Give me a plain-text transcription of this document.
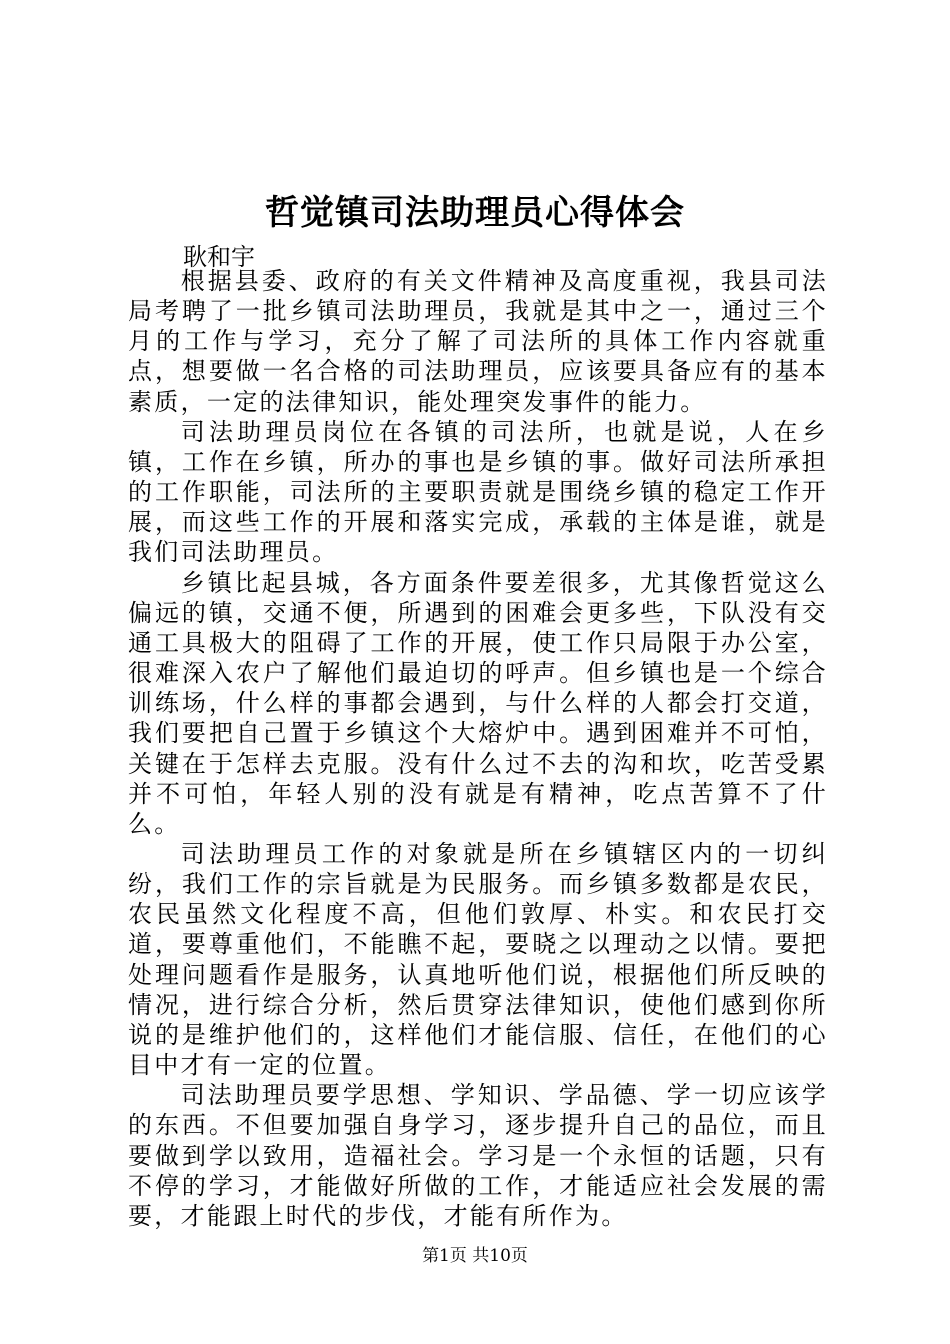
哲觉镇司法助理员心得体会
耿和宇

根据县委、政府的有关文件精神及高度重视，我县司法局考聘了一批乡镇司法助理员，我就是其中之一，通过三个月的工作与学习，充分了解了司法所的具体工作内容就重点，想要做一名合格的司法助理员，应该要具备应有的基本素质，一定的法律知识，能处理突发事件的能力。

司法助理员岗位在各镇的司法所，也就是说，人在乡镇，工作在乡镇，所办的事也是乡镇的事。做好司法所承担的工作职能，司法所的主要职责就是围绕乡镇的稳定工作开展，而这些工作的开展和落实完成，承载的主体是谁，就是我们司法助理员。

乡镇比起县城，各方面条件要差很多，尤其像哲觉这么偏远的镇，交通不便，所遇到的困难会更多些，下队没有交通工具极大的阻碍了工作的开展，使工作只局限于办公室，很难深入农户了解他们最迫切的呼声。但乡镇也是一个综合训练场，什么样的事都会遇到，与什么样的人都会打交道，我们要把自己置于乡镇这个大熔炉中。遇到困难并不可怕，关键在于怎样去克服。没有什么过不去的沟和坎，吃苦受累并不可怕，年轻人别的没有就是有精神，吃点苦算不了什么。

司法助理员工作的对象就是所在乡镇辖区内的一切纠纷，我们工作的宗旨就是为民服务。而乡镇多数都是农民，农民虽然文化程度不高，但他们敦厚、朴实。和农民打交道，要尊重他们，不能瞧不起，要晓之以理动之以情。要把处理问题看作是服务，认真地听他们说，根据他们所反映的情况，进行综合分析，然后贯穿法律知识，使他们感到你所说的是维护他们的，这样他们才能信服、信任，在他们的心目中才有一定的位置。

司法助理员要学思想、学知识、学品德、学一切应该学的东西。不但要加强自身学习，逐步提升自己的品位，而且要做到学以致用，造福社会。学习是一个永恒的话题，只有不停的学习，才能做好所做的工作，才能适应社会发展的需要，才能跟上时代的步伐，才能有所作为。

第1页 共10页
